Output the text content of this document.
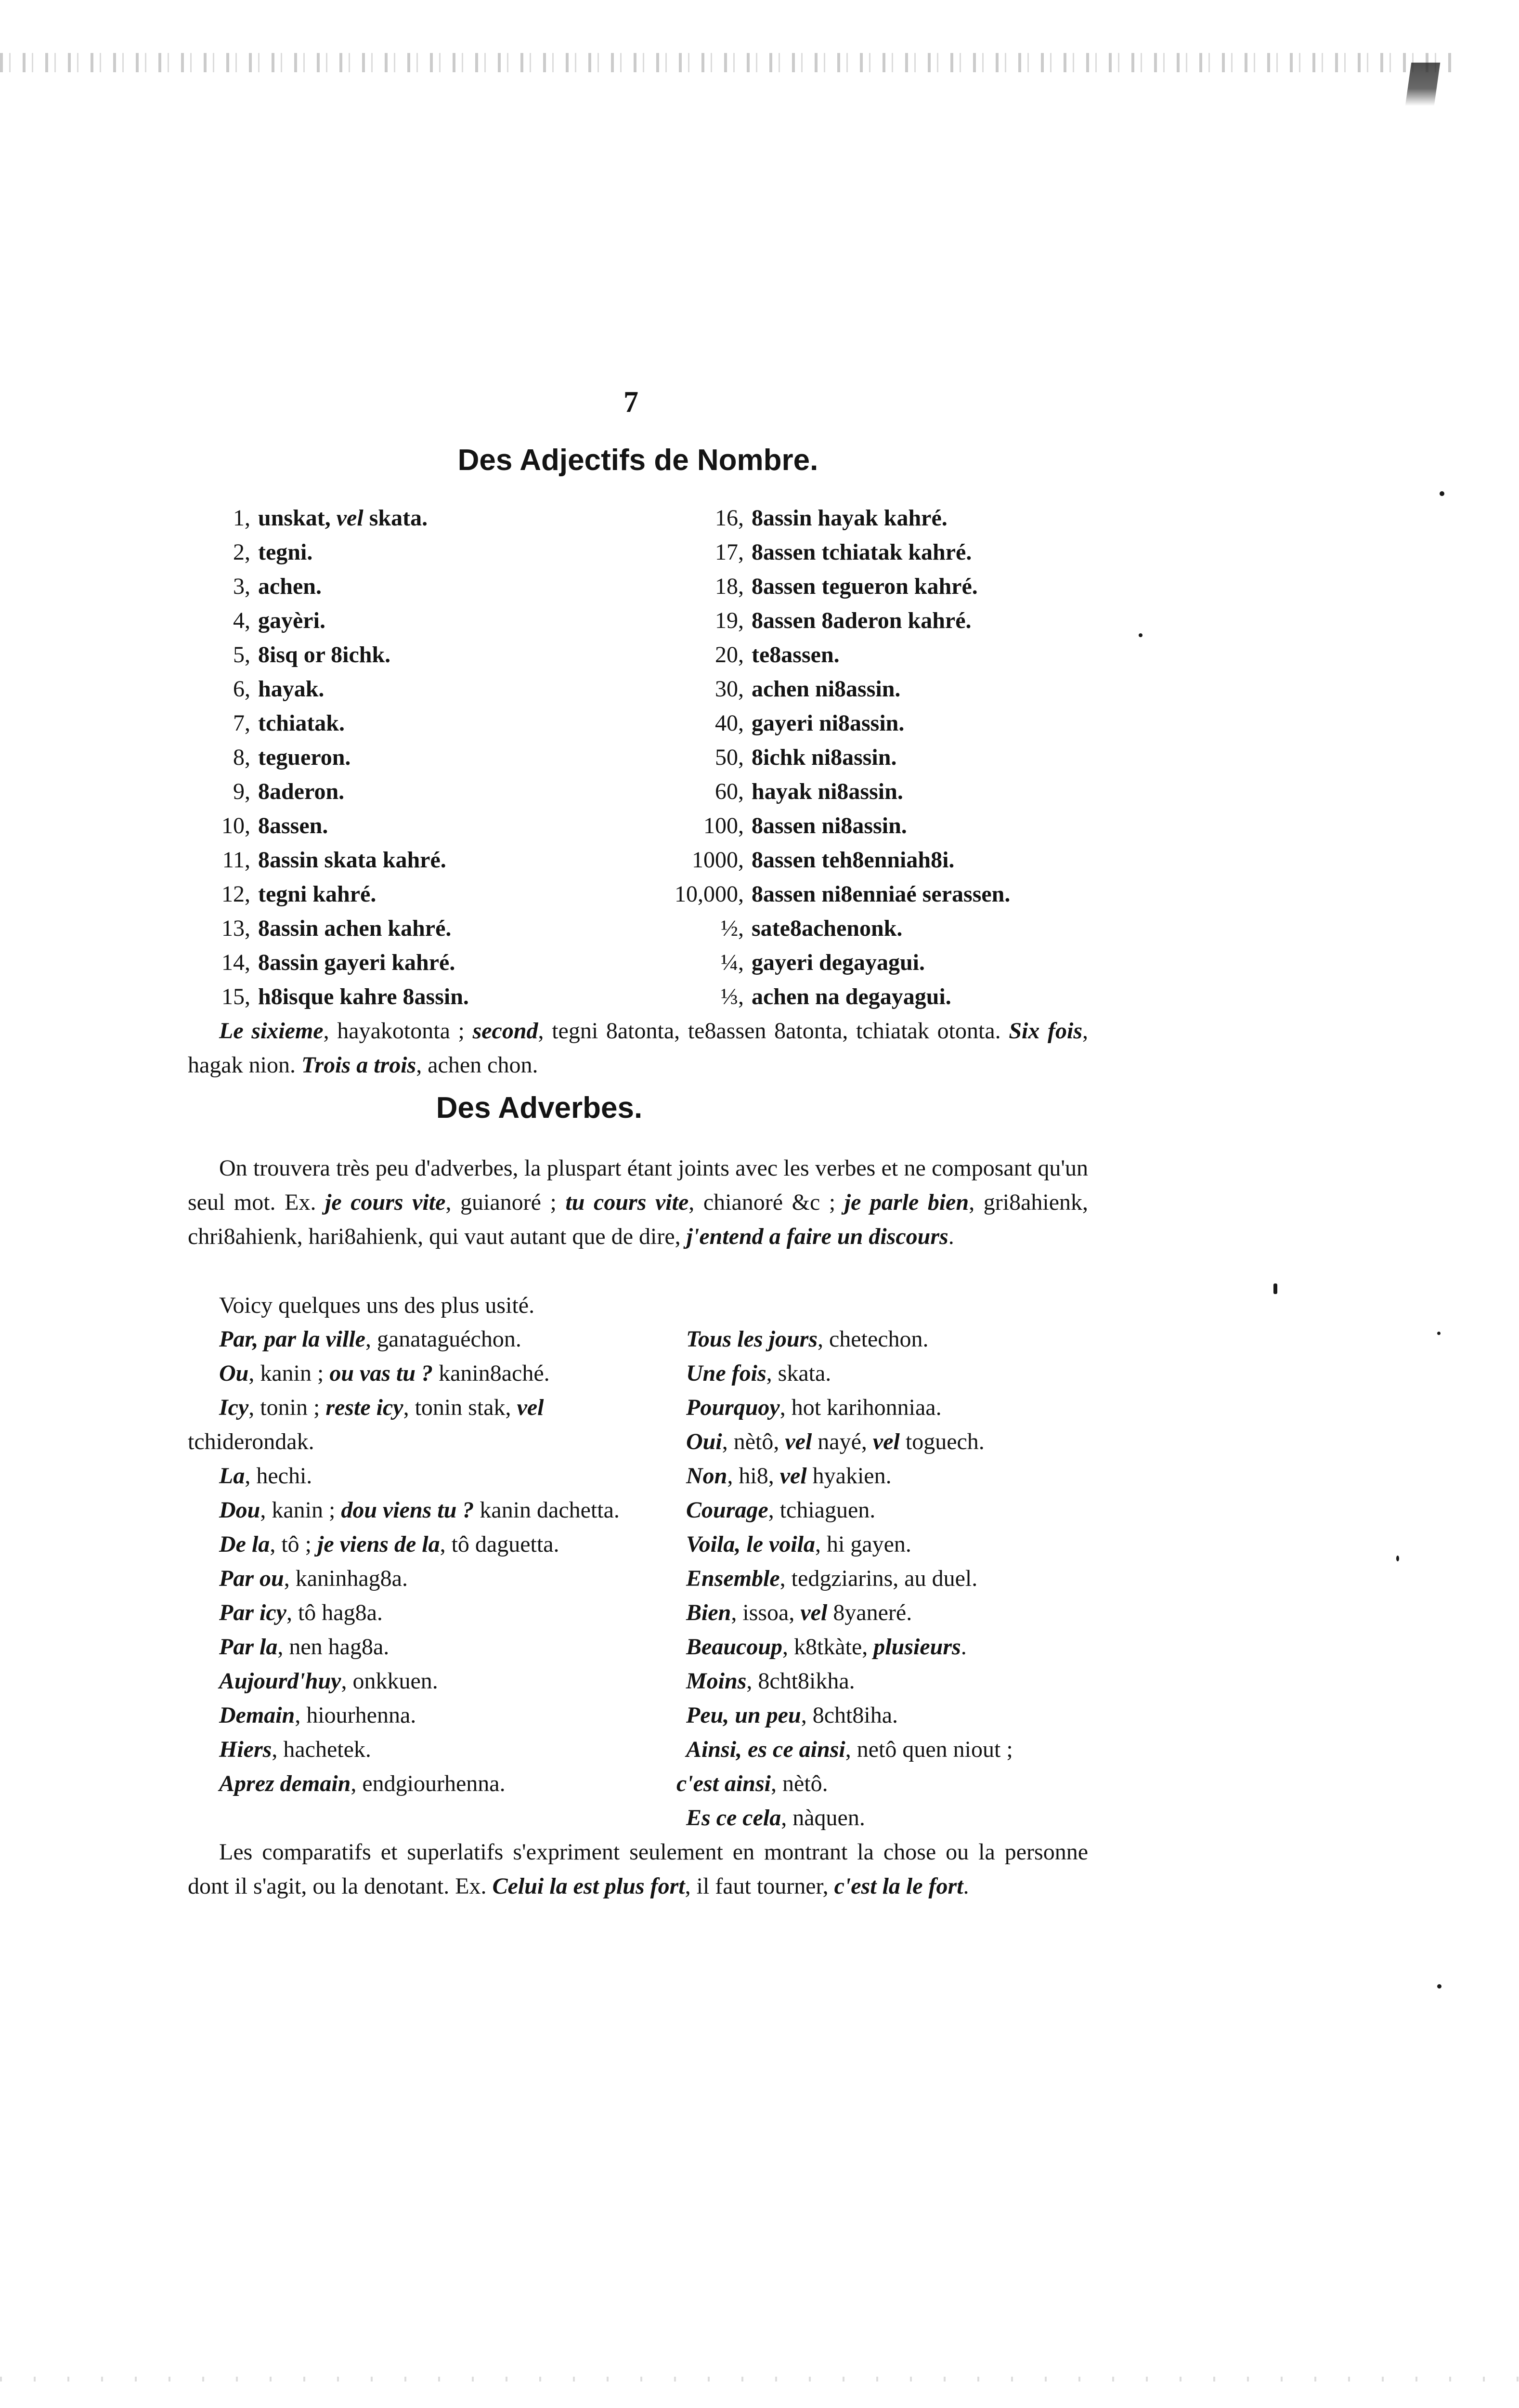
7
Des Adjectifs de Nombre.
1, unskat, vel skata.
2, tegni.
3, achen.
4, gayèri.
5, 8isq or 8ichk.
6, hayak.
7, tchiatak.
8, tegueron.
9, 8aderon.
10, 8assen.
11, 8assin skata kahré.
12, tegni kahré.
13, 8assin achen kahré.
14, 8assin gayeri kahré.
15, h8isque kahre 8assin.
16, 8assin hayak kahré.
17, 8assen tchiatak kahré.
18, 8assen tegueron kahré.
19, 8assen 8aderon kahré.
20, te8assen.
30, achen ni8assin.
40, gayeri ni8assin.
50, 8ichk ni8assin.
60, hayak ni8assin.
100, 8assen ni8assin.
1000, 8assen teh8enniah8i.
10,000, 8assen ni8enniaé serassen.
½, sate8achenonk.
¼, gayeri degayagui.
⅓, achen na degayagui.
Le sixieme, hayakotonta ; second, tegni 8atonta, te8assen 8atonta, tchiatak otonta. Six fois, hagak nion. Trois a trois, achen chon.
Des Adverbes.
On trouvera très peu d'adverbes, la pluspart étant joints avec les verbes et ne composant qu'un seul mot. Ex. je cours vite, guianoré ; tu cours vite, chianoré &c ; je parle bien, gri8ahienk, chri8ahienk, hari8ahienk, qui vaut autant que de dire, j'entend a faire un discours.
Voicy quelques uns des plus usité.
Par, par la ville, ganataguéchon.
Ou, kanin ; ou vas tu ? kanin8aché.
Icy, tonin ; reste icy, tonin stak, vel tchiderondak.
La, hechi.
Dou, kanin ; dou viens tu ? kanin dachetta.
De la, tô ; je viens de la, tô daguetta.
Par ou, kaninhag8a.
Par icy, tô hag8a.
Par la, nen hag8a.
Aujourd'huy, onkkuen.
Demain, hiourhenna.
Hiers, hachetek.
Aprez demain, endgiourhenna.
Tous les jours, chetechon.
Une fois, skata.
Pourquoy, hot karihonniaa.
Oui, nètô, vel nayé, vel toguech.
Non, hi8, vel hyakien.
Courage, tchiaguen.
Voila, le voila, hi gayen.
Ensemble, tedgziarins, au duel.
Bien, issoa, vel 8yaneré.
Beaucoup, k8tkàte, plusieurs.
Moins, 8cht8ikha.
Peu, un peu, 8cht8iha.
Ainsi, es ce ainsi, netô quen niout ;
c'est ainsi, nètô.
Es ce cela, nàquen.
Les comparatifs et superlatifs s'expriment seulement en montrant la chose ou la personne dont il s'agit, ou la denotant. Ex. Celui la est plus fort, il faut tourner, c'est la le fort.
